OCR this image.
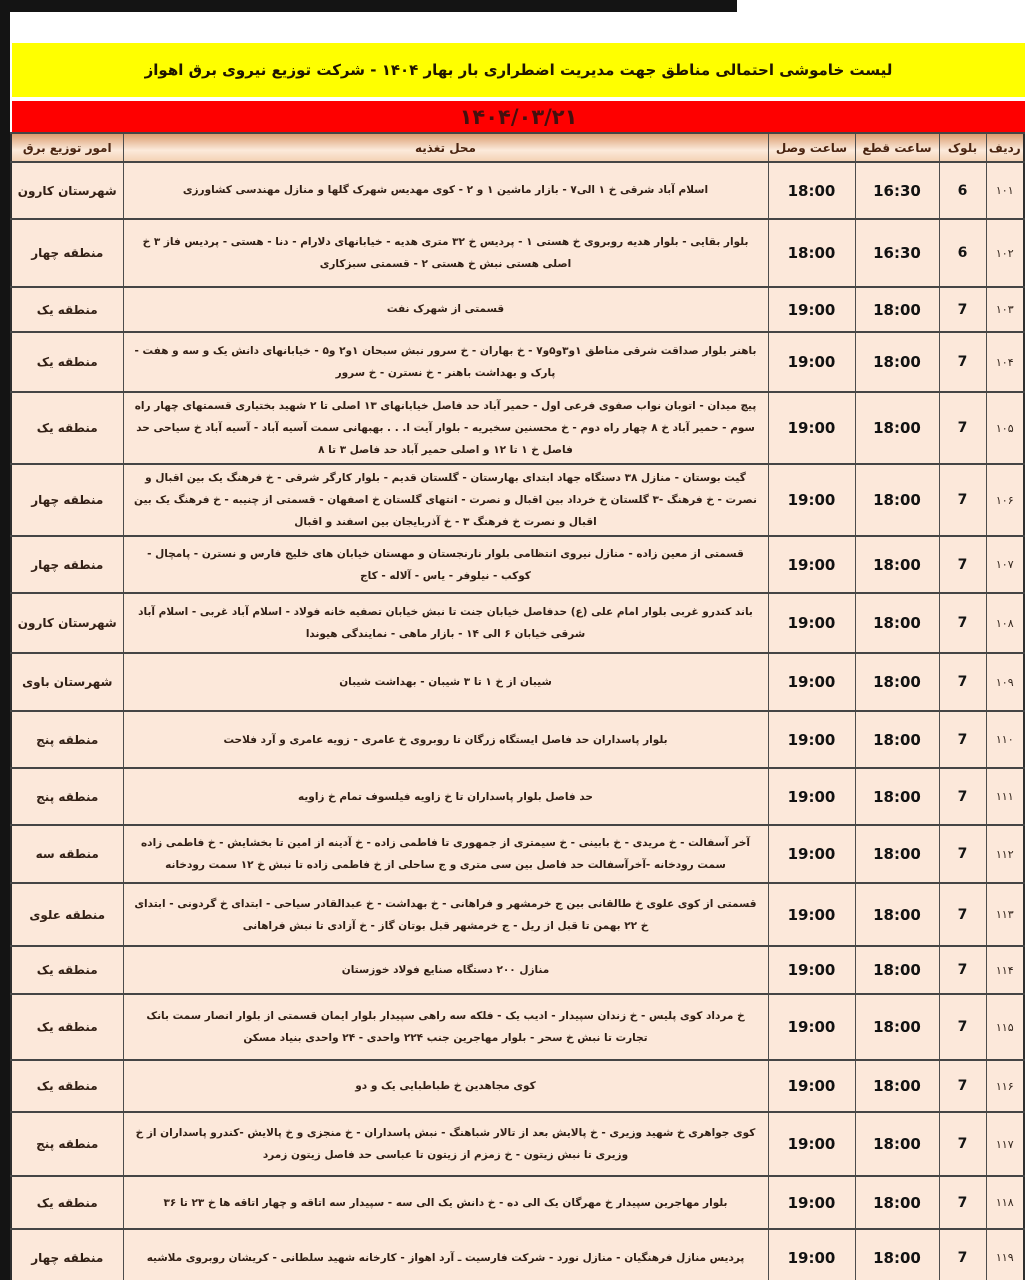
لیست خاموشی احتمالی مناطق جهت مدیریت اضطراری بار بهار ۱۴۰۴ - شرکت توزیع نیروی برق اهواز
۱۴۰۴/۰۳/۲۱
ردیف	بلوک	ساعت قطع	ساعت وصل	محل تغذیه	امور توزیع برق
۱۰۱	6	16:30	18:00	اسلام آباد شرقی خ ۱ الی۷ - بازار ماشین ۱ و ۲ - کوی مهدیس شهرک گلها و منازل مهندسی کشاورزی	شهرستان کارون
۱۰۲	6	16:30	18:00	بلوار بقایی - بلوار هدیه روبروی خ هستی ۱ - پردیس خ ۳۲ متری هدیه - خیابانهای دلارام - دنا - هستی - پردیس فاز ۳ خ اصلی هستی نبش خ هستی ۲ - قسمتی سبزکاری	منطقه چهار
۱۰۳	7	18:00	19:00	قسمتی از شهرک نفت	منطقه یک
۱۰۴	7	18:00	19:00	باهنر بلوار صداقت شرقی مناطق ۱و۳و۵و۷ - خ بهاران - خ سرور نبش سبحان ۱و۲ و۵ - خیابانهای دانش یک و سه و هفت - پارک و بهداشت باهنر - خ نسترن - خ سرور	منطقه یک
۱۰۵	7	18:00	19:00	پیچ میدان - اتوبان نواب صفوی فرعی اول - حمیر آباد حد فاصل خیابانهای ۱۳ اصلی تا ۲ شهید بختیاری قسمتهای چهار راه سوم - حمیر آباد خ ۸ چهار راه دوم - خ محسنین سخیریه - بلوار آیت ا. . . بهبهانی سمت آسیه آباد - آسیه آباد خ سیاحی حد فاصل خ ۱ تا ۱۲ و اصلی حمیر آباد حد فاصل ۳ تا ۸	منطقه یک
۱۰۶	7	18:00	19:00	گیت بوستان - منازل ۳۸ دستگاه جهاد ابتدای بهارستان - گلستان قدیم - بلوار کارگر شرقی - خ فرهنگ یک بین اقبال و نصرت - خ فرهنگ -۳ گلستان خ خرداد بین اقبال و نصرت - انتهای گلستان خ اصفهان - قسمتی از چنیبه - خ فرهنگ یک بین اقبال و نصرت خ فرهنگ ۳ - خ آذربایجان بین اسفند و اقبال	منطقه چهار
۱۰۷	7	18:00	19:00	قسمتی از معین زاده - منازل نیروی انتظامی بلوار نارنجستان و مهستان خیابان های خلیج فارس و نسترن - پامچال - کوکب - نیلوفر - یاس - آلاله - کاج	منطقه چهار
۱۰۸	7	18:00	19:00	باند کندرو غربی بلوار امام علی (ع) حدفاصل خیابان جنت تا نبش خیابان تصفیه خانه فولاد - اسلام آباد غربی - اسلام آباد شرقی خیابان ۶ الی ۱۴ - بازار ماهی - نمایندگی هیوندا	شهرستان کارون
۱۰۹	7	18:00	19:00	شیبان از خ ۱ تا ۳ شیبان - بهداشت شیبان	شهرستان باوی
۱۱۰	7	18:00	19:00	بلوار پاسداران حد فاصل ایستگاه زرگان تا روبروی خ عامری - زویه عامری و آرد فلاحت	منطقه پنج
۱۱۱	7	18:00	19:00	حد فاصل بلوار پاسداران تا خ زاویه فیلسوف تمام خ زاویه	منطقه پنج
۱۱۲	7	18:00	19:00	آخر آسفالت - خ مریدی - خ بابینی - خ سیمتری از جمهوری تا فاطمی زاده - خ آدینه از امین تا بخشایش - خ فاطمی زاده سمت رودخانه -آخرآسفالت حد فاصل بین سی متری و ج ساحلی از خ فاطمی زاده تا نبش خ ۱۲ سمت رودخانه	منطقه سه
۱۱۳	7	18:00	19:00	قسمتی از کوی علوی خ طالقانی بین ج خرمشهر و فراهانی - خ بهداشت - خ عبدالقادر سیاحی - ابتدای خ گردونی - ابتدای خ ۲۲ بهمن تا قبل از ریل - ج خرمشهر قبل بوتان گاز - خ آزادی تا نبش فراهانی	منطقه علوی
۱۱۴	7	18:00	19:00	منازل ۲۰۰ دستگاه صنایع فولاد خوزستان	منطقه یک
۱۱۵	7	18:00	19:00	خ مرداد کوی پلیس - خ زندان سپیدار - ادیب یک - فلکه سه راهی سپیدار بلوار ایمان قسمتی از بلوار انصار سمت بانک تجارت تا نبش خ سحر - بلوار مهاجرین جنب ۲۲۴ واحدی - ۲۴ واحدی بنیاد مسکن	منطقه یک
۱۱۶	7	18:00	19:00	کوی مجاهدین خ طباطبایی یک و دو	منطقه یک
۱۱۷	7	18:00	19:00	کوی جواهری خ شهید وزیری - خ پالایش بعد از تالار شباهنگ - نبش پاسداران - خ منجزی و خ پالایش -کندرو پاسداران از خ وزیری تا نبش زیتون - خ زمزم از زیتون تا عباسی حد فاصل زیتون زمرد	منطقه پنج
۱۱۸	7	18:00	19:00	بلوار مهاجرین سپیدار خ مهرگان یک الی ده - خ دانش یک الی سه - سپیدار سه اتاقه و چهار اتاقه ها خ ۲۳ تا ۳۶	منطقه یک
۱۱۹	7	18:00	19:00	پردیس منازل فرهنگیان - منازل نورد - شرکت فارسیت ـ آرد اهواز - کارخانه شهید سلطانی - کریشان روبروی ملاشیه	منطقه چهار
